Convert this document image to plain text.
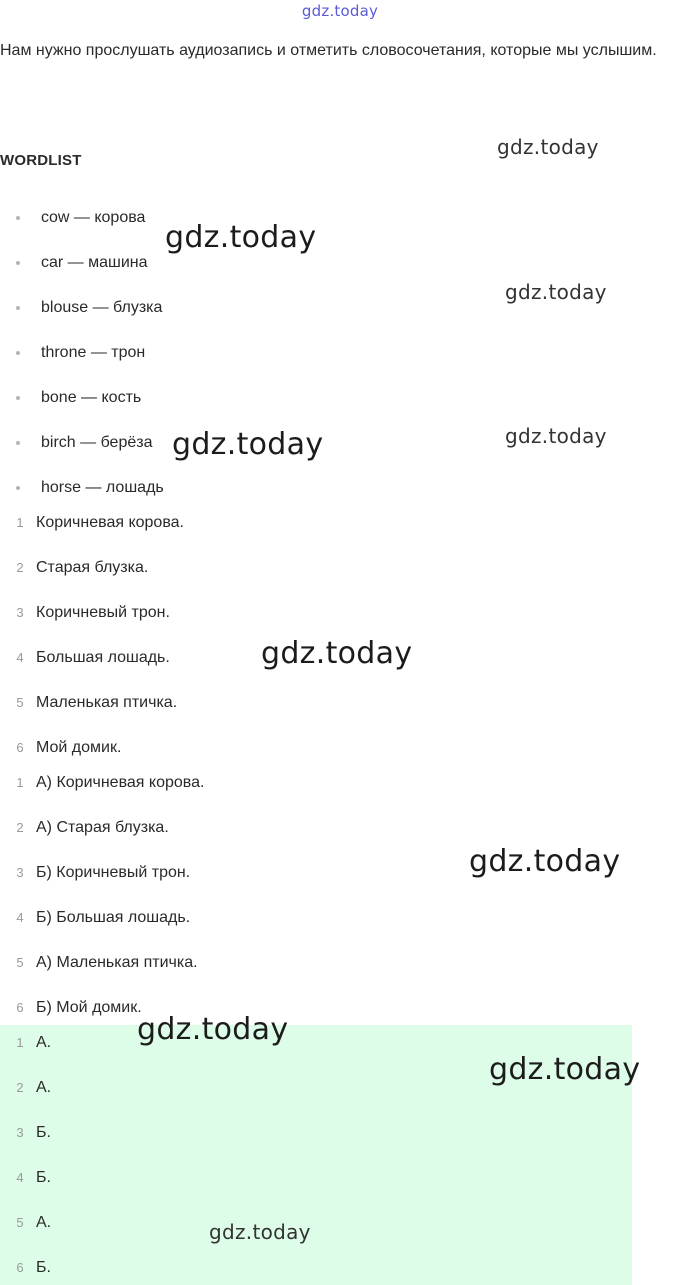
gdz.today
Нам нужно прослушать аудиозапись и отметить словосочетания, которые мы услышим.
WORDLIST
cow — корова
car — машина
blouse — блузка
throne — трон
bone — кость
birch — берёза
horse — лошадь
1 Коричневая корова.
2 Старая блузка.
3 Коричневый трон.
4 Большая лошадь.
5 Маленькая птичка.
6 Мой домик.
1 А) Коричневая корова.
2 А) Старая блузка.
3 Б) Коричневый трон.
4 Б) Большая лошадь.
5 А) Маленькая птичка.
6 Б) Мой домик.
1 А.
2 А.
3 Б.
4 Б.
5 А.
6 Б.
gdz.today
gdz.today
gdz.today
gdz.today	gdz.today
gdz.today
gdz.today
gdz.today
gdz.today
gdz.today
